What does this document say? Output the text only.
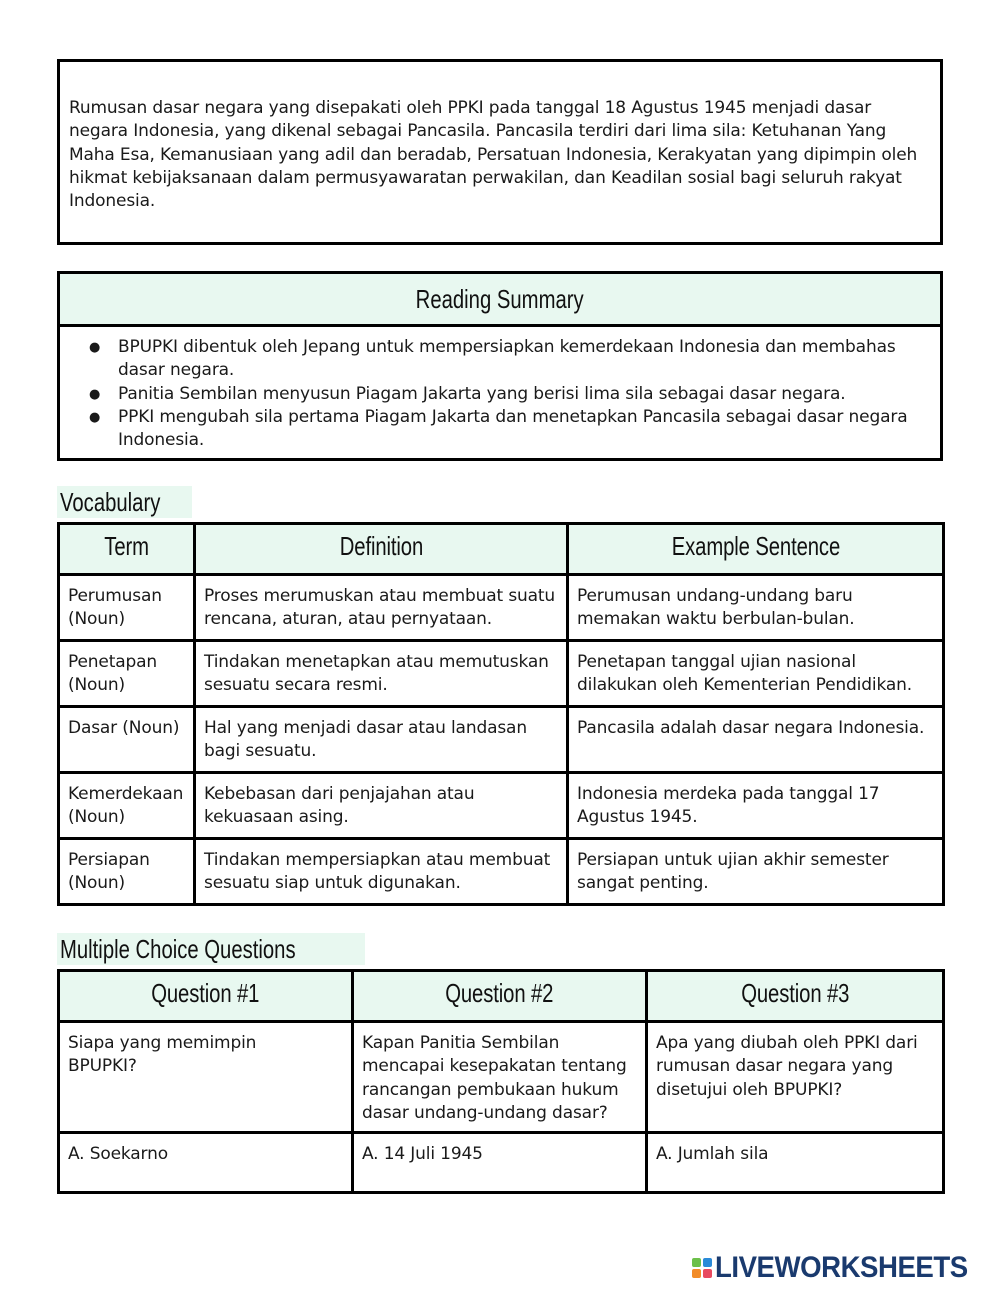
Rumusan dasar negara yang disepakati oleh PPKI pada tanggal 18 Agustus 1945 menjadi dasar negara Indonesia, yang dikenal sebagai Pancasila. Pancasila terdiri dari lima sila: Ketuhanan Yang Maha Esa, Kemanusiaan yang adil dan beradab, Persatuan Indonesia, Kerakyatan yang dipimpin oleh hikmat kebijaksanaan dalam permusyawaratan perwakilan, dan Keadilan sosial bagi seluruh rakyat Indonesia.

Reading Summary
● BPUPKI dibentuk oleh Jepang untuk mempersiapkan kemerdekaan Indonesia dan membahas dasar negara.
● Panitia Sembilan menyusun Piagam Jakarta yang berisi lima sila sebagai dasar negara.
● PPKI mengubah sila pertama Piagam Jakarta dan menetapkan Pancasila sebagai dasar negara Indonesia.
Vocabulary
Term	Definition	Example Sentence

Perumusan (Noun)	Proses merumuskan atau membuat suatu rencana, aturan, atau pernyataan.	Perumusan undang-undang baru memakan waktu berbulan-bulan.

Penetapan (Noun)	Tindakan menetapkan atau memutuskan sesuatu secara resmi.	Penetapan tanggal ujian nasional dilakukan oleh Kementerian Pendidikan.

Dasar (Noun)	Hal yang menjadi dasar atau landasan bagi sesuatu.	Pancasila adalah dasar negara Indonesia.

Kemerdekaan (Noun)	Kebebasan dari penjajahan atau kekuasaan asing.	Indonesia merdeka pada tanggal 17 Agustus 1945.

Persiapan (Noun)	Tindakan mempersiapkan atau membuat sesuatu siap untuk digunakan.	Persiapan untuk ujian akhir semester sangat penting.
Multiple Choice Questions
Question #1	Question #2	Question #3

Siapa yang memimpin BPUPKI?	Kapan Panitia Sembilan mencapai kesepakatan tentang rancangan pembukaan hukum dasar undang-undang dasar?	Apa yang diubah oleh PPKI dari rumusan dasar negara yang disetujui oleh BPUPKI?

A. Soekarno	A. 14 Juli 1945	A. Jumlah sila
LIVEWORKSHEETS
